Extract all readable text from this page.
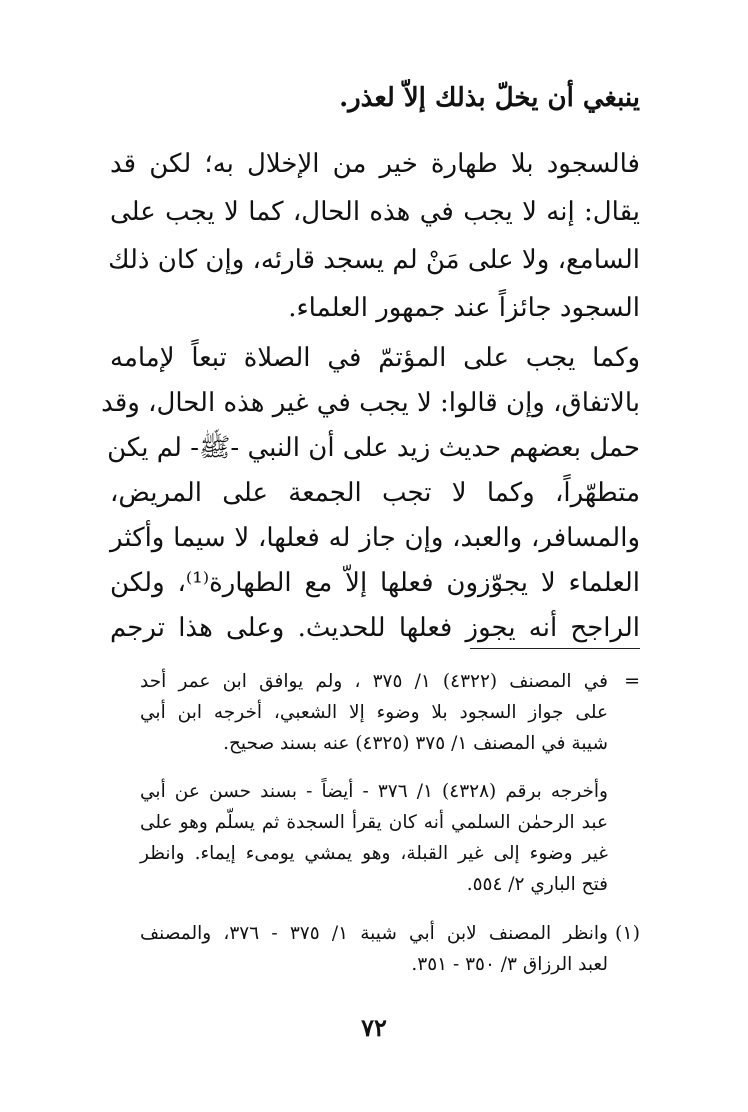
ينبغي أن يخلّ بذلك إلاّ لعذر.
فالسجود بلا طهارة خير من الإخلال به؛ لكن قد
يقال: إنه لا يجب في هذه الحال، كما لا يجب على
السامع، ولا على مَنْ لم يسجد قارئه، وإن كان ذلك
السجود جائزاً عند جمهور العلماء.
وكما يجب على المؤتمّ في الصلاة تبعاً لإمامه
بالاتفاق، وإن قالوا: لا يجب في غير هذه الحال، وقد
حمل بعضهم حديث زيد على أن النبي -ﷺ- لم يكن
متطهّراً، وكما لا تجب الجمعة على المريض،
والمسافر، والعبد، وإن جاز له فعلها، لا سيما وأكثر
العلماء لا يجوّزون فعلها إلاّ مع الطهارة⁽¹⁾، ولكن
الراجح أنه يجوز فعلها للحديث. وعلى هذا ترجم
=
في المصنف (٤٣٢٢) ١/ ٣٧٥ ، ولم يوافق ابن عمر أحد
على جواز السجود بلا وضوء إلا الشعبي، أخرجه ابن أبي
شيبة في المصنف ١/ ٣٧٥ (٤٣٢٥) عنه بسند صحيح.
وأخرجه برقم (٤٣٢٨) ١/ ٣٧٦ - أيضاً - بسند حسن عن أبي
عبد الرحمٰن السلمي أنه كان يقرأ السجدة ثم يسلّم وهو على
غير وضوء إلى غير القبلة، وهو يمشي يومىء إيماء. وانظر
فتح الباري ٢/ ٥٥٤.
(١)
وانظر المصنف لابن أبي شيبة ١/ ٣٧٥ - ٣٧٦، والمصنف
لعبد الرزاق ٣/ ٣٥٠ - ٣٥١.
٧٢
